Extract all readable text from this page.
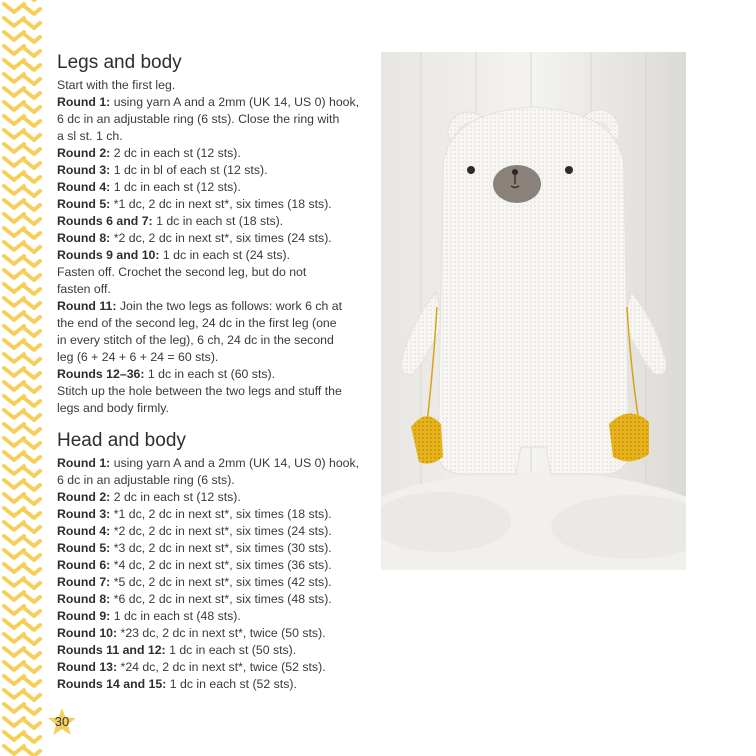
Legs and body
Start with the first leg.
Round 1: using yarn A and a 2mm (UK 14, US 0) hook,
6 dc in an adjustable ring (6 sts). Close the ring with
a sl st. 1 ch.
Round 2: 2 dc in each st (12 sts).
Round 3: 1 dc in bl of each st (12 sts).
Round 4: 1 dc in each st (12 sts).
Round 5: *1 dc, 2 dc in next st*, six times (18 sts).
Rounds 6 and 7: 1 dc in each st (18 sts).
Round 8: *2 dc, 2 dc in next st*, six times (24 sts).
Rounds 9 and 10: 1 dc in each st (24 sts).
Fasten off. Crochet the second leg, but do not
fasten off.
Round 11: Join the two legs as follows: work 6 ch at
the end of the second leg, 24 dc in the first leg (one
in every stitch of the leg), 6 ch, 24 dc in the second
leg (6 + 24 + 6 + 24 = 60 sts).
Rounds 12–36: 1 dc in each st (60 sts).
Stitch up the hole between the two legs and stuff the
legs and body firmly.
Head and body
Round 1: using yarn A and a 2mm (UK 14, US 0) hook,
6 dc in an adjustable ring (6 sts).
Round 2: 2 dc in each st (12 sts).
Round 3: *1 dc, 2 dc in next st*, six times (18 sts).
Round 4: *2 dc, 2 dc in next st*, six times (24 sts).
Round 5: *3 dc, 2 dc in next st*, six times (30 sts).
Round 6: *4 dc, 2 dc in next st*, six times (36 sts).
Round 7: *5 dc, 2 dc in next st*, six times (42 sts).
Round 8: *6 dc, 2 dc in next st*, six times (48 sts).
Round 9: 1 dc in each st (48 sts).
Round 10: *23 dc, 2 dc in next st*, twice (50 sts).
Rounds 11 and 12: 1 dc in each st (50 sts).
Round 13: *24 dc, 2 dc in next st*, twice (52 sts).
Rounds 14 and 15: 1 dc in each st (52 sts).
30
